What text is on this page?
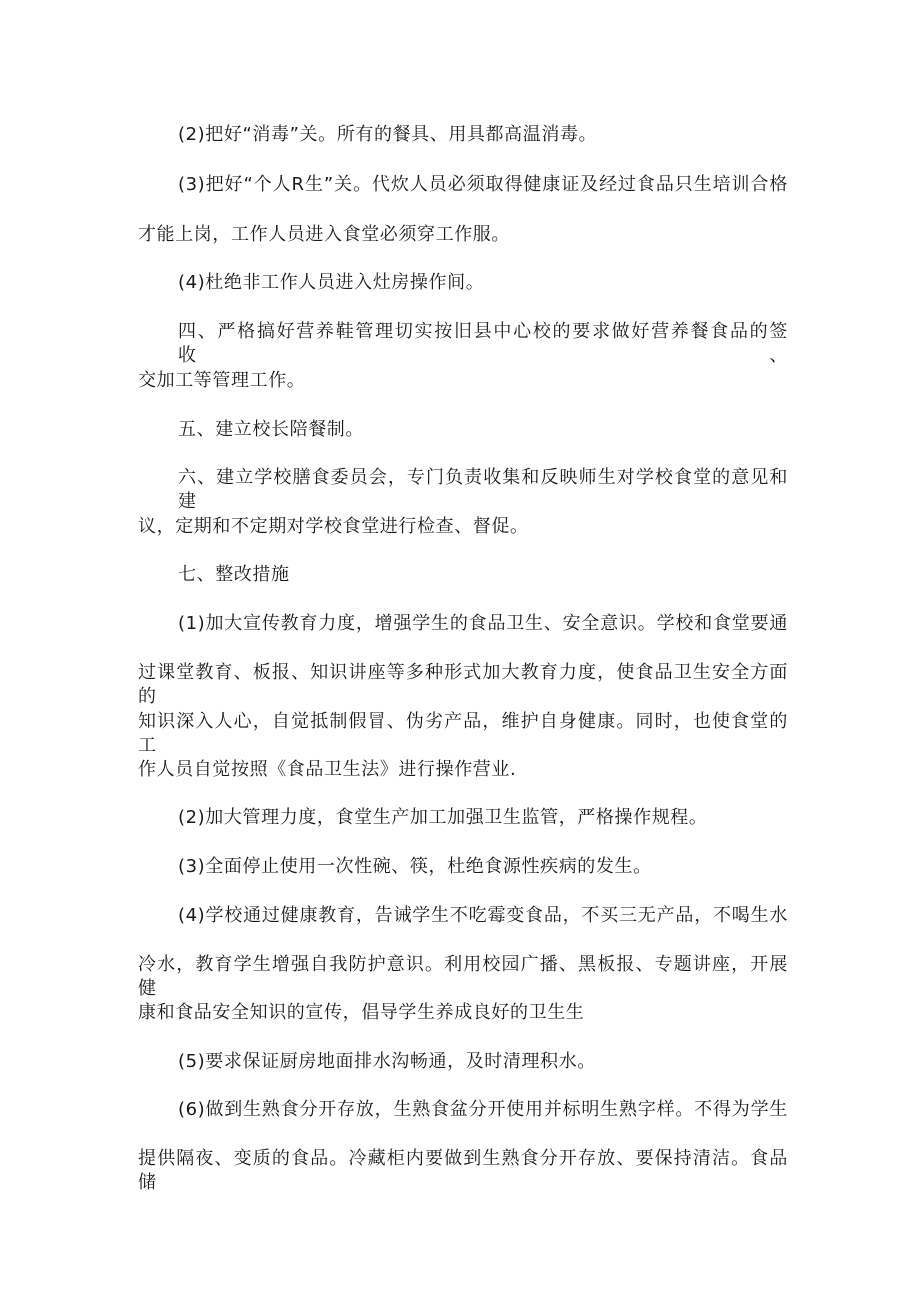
(2)把好“消毒”关。所有的餐具、用具都高温消毒。
(3)把好“个人R生”关。代炊人员必须取得健康证及经过食品只生培训合格
才能上岗，工作人员进入食堂必须穿工作服。
(4)杜绝非工作人员进入灶房操作间。
四、严格搞好营养鞋管理切实按旧县中心校的要求做好营养餐食品的签收、
交加工等管理工作。
五、建立校长陪餐制。
六、建立学校膳食委员会，专门负责收集和反映师生对学校食堂的意见和建
议，定期和不定期对学校食堂进行检查、督促。
七、整改措施
(1)加大宣传教育力度，增强学生的食品卫生、安全意识。学校和食堂要通
过课堂教育、板报、知识讲座等多种形式加大教育力度，使食品卫生安全方面的
知识深入人心，自觉抵制假冒、伪劣产品，维护自身健康。同时，也使食堂的工
作人员自觉按照《食品卫生法》进行操作营业.
(2)加大管理力度，食堂生产加工加强卫生监管，严格操作规程。
(3)全面停止使用一次性碗、筷，杜绝食源性疾病的发生。
(4)学校通过健康教育，告诫学生不吃霉变食品，不买三无产品，不喝生水
冷水，教育学生增强自我防护意识。利用校园广播、黑板报、专题讲座，开展健
康和食品安全知识的宣传，倡导学生养成良好的卫生生
(5)要求保证厨房地面排水沟畅通，及时清理积水。
(6)做到生熟食分开存放，生熟食盆分开使用并标明生熟字样。不得为学生
提供隔夜、变质的食品。冷藏柜内要做到生熟食分开存放、要保持清洁。食品储
